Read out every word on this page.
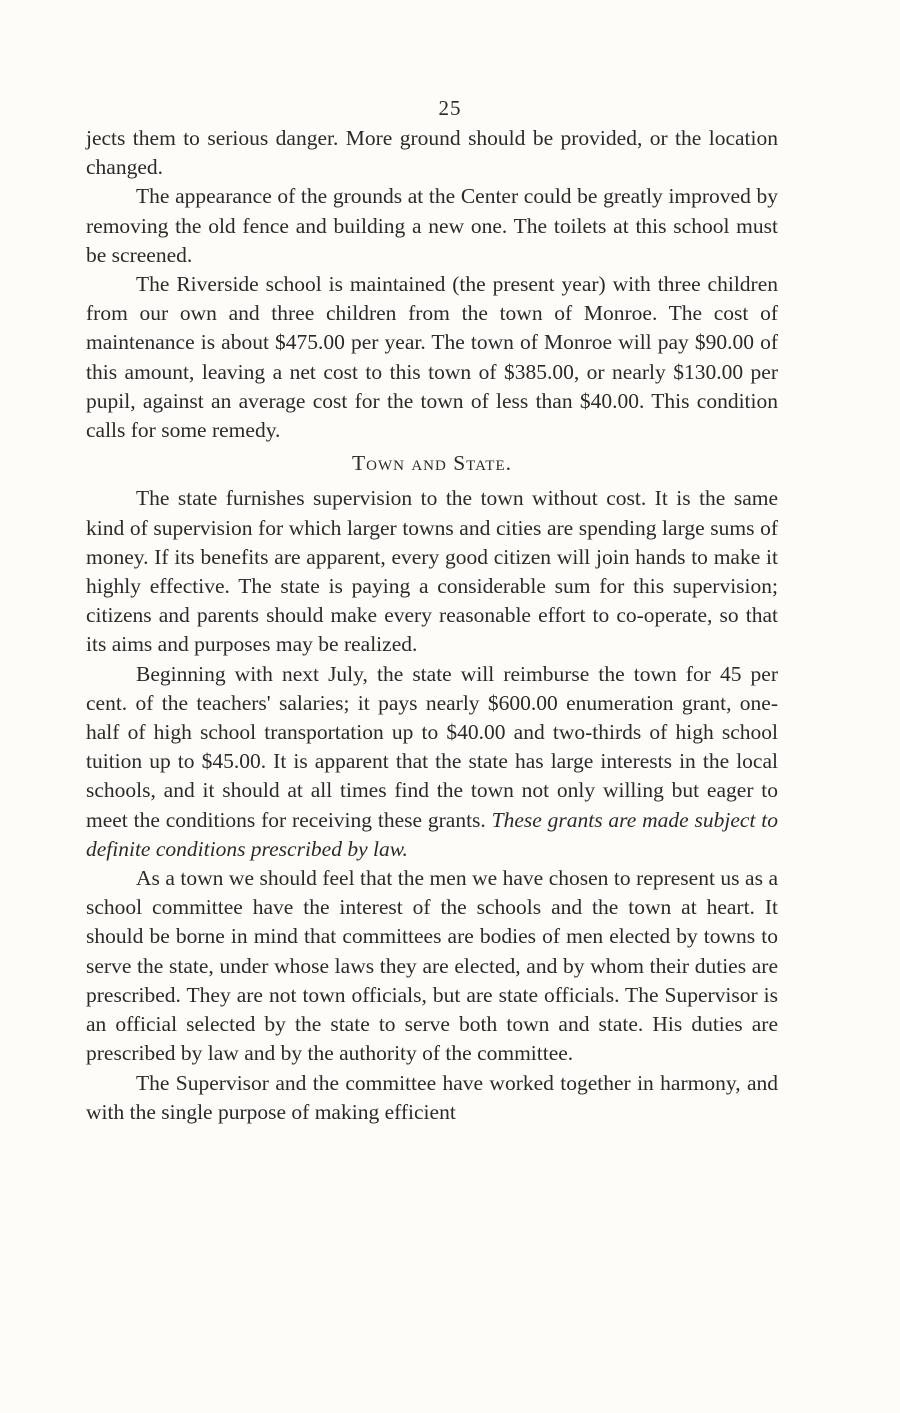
25

jects them to serious danger. More ground should be provided, or the location changed.

The appearance of the grounds at the Center could be greatly improved by removing the old fence and building a new one. The toilets at this school must be screened.

The Riverside school is maintained (the present year) with three children from our own and three children from the town of Monroe. The cost of maintenance is about $475.00 per year. The town of Monroe will pay $90.00 of this amount, leaving a net cost to this town of $385.00, or nearly $130.00 per pupil, against an average cost for the town of less than $40.00. This condition calls for some remedy.

Town and State.

The state furnishes supervision to the town without cost. It is the same kind of supervision for which larger towns and cities are spending large sums of money. If its benefits are apparent, every good citizen will join hands to make it highly effective. The state is paying a considerable sum for this supervision; citizens and parents should make every reasonable effort to co-operate, so that its aims and purposes may be realized.

Beginning with next July, the state will reimburse the town for 45 per cent. of the teachers' salaries; it pays nearly $600.00 enumeration grant, one-half of high school transportation up to $40.00 and two-thirds of high school tuition up to $45.00. It is apparent that the state has large interests in the local schools, and it should at all times find the town not only willing but eager to meet the conditions for receiving these grants. These grants are made subject to definite conditions prescribed by law.

As a town we should feel that the men we have chosen to represent us as a school committee have the interest of the schools and the town at heart. It should be borne in mind that committees are bodies of men elected by towns to serve the state, under whose laws they are elected, and by whom their duties are prescribed. They are not town officials, but are state officials. The Supervisor is an official selected by the state to serve both town and state. His duties are prescribed by law and by the authority of the committee.

The Supervisor and the committee have worked together in harmony, and with the single purpose of making efficient
